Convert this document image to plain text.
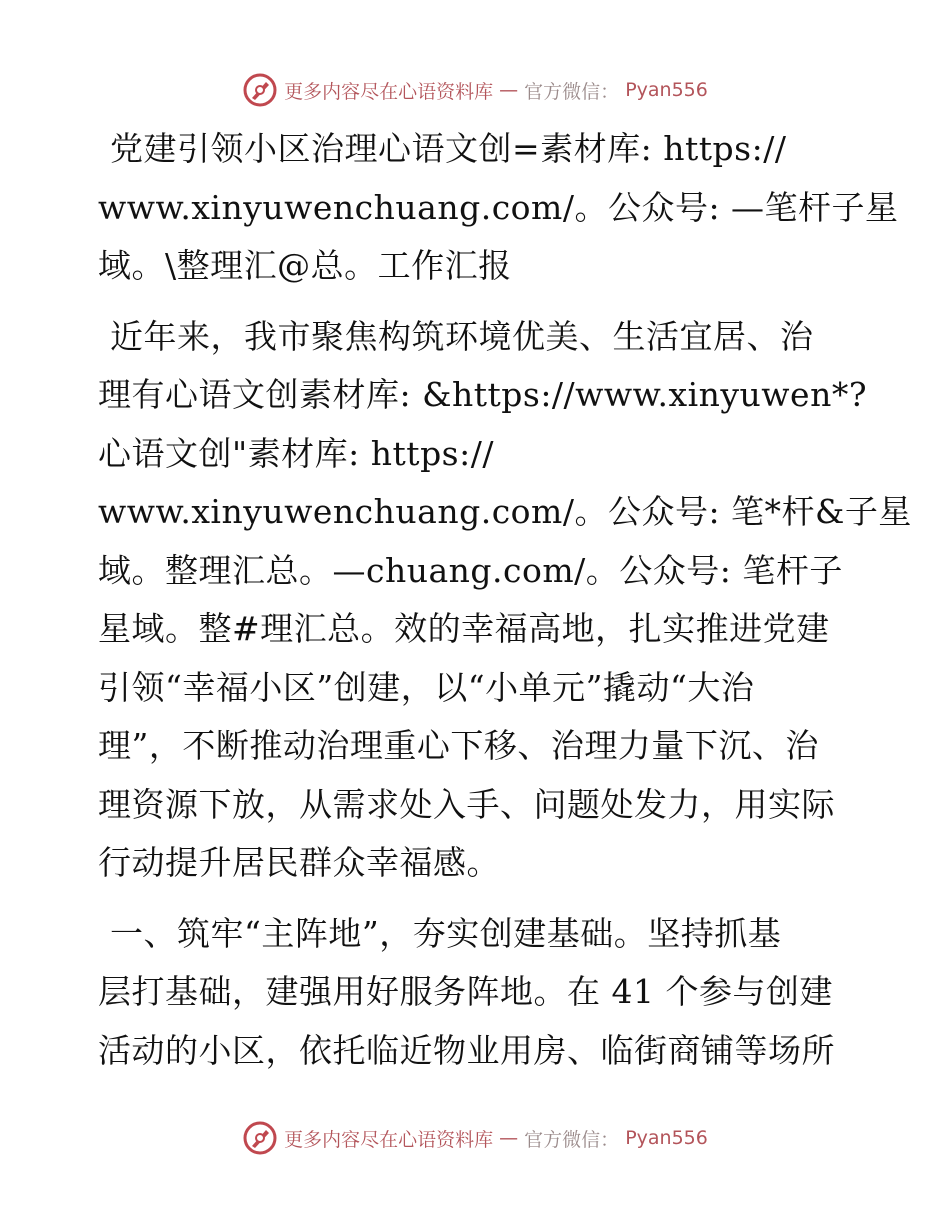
更多内容尽在心语资料库 — 官方微信： Pyan556

党建引领小区治理心语文创=素材库: https://
www.xinyuwenchuang.com/。公众号: —笔杆子星
域。\整理汇@总。工作汇报

近年来，我市聚焦构筑环境优美、生活宜居、治
理有心语文创素材库: &https://www.xinyuwen*?
心语文创"素材库: https://
www.xinyuwenchuang.com/。公众号: 笔*杆&子星
域。整理汇总。—chuang.com/。公众号: 笔杆子
星域。整#理汇总。效的幸福高地，扎实推进党建
引领“幸福小区”创建，以“小单元”撬动“大治
理”，不断推动治理重心下移、治理力量下沉、治
理资源下放，从需求处入手、问题处发力，用实际
行动提升居民群众幸福感。

一、筑牢“主阵地”，夯实创建基础。坚持抓基
层打基础，建强用好服务阵地。在 41 个参与创建
活动的小区，依托临近物业用房、临街商铺等场所

更多内容尽在心语资料库 — 官方微信： Pyan556
